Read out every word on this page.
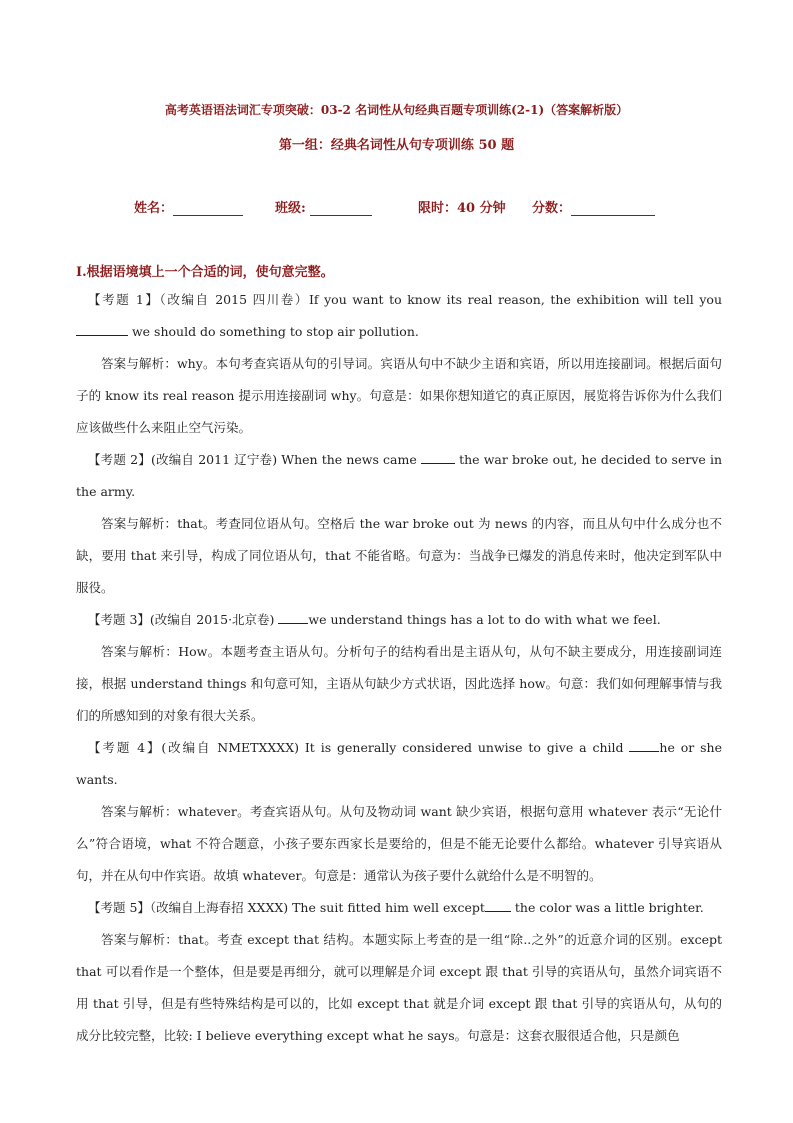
高考英语语法词汇专项突破：03-2 名词性从句经典百题专项训练(2-1)（答案解析版）
第一组：经典名词性从句专项训练 50 题
姓名：	班级:	限时：40 分钟 分数：
I.根据语境填上一个合适的词，使句意完整。

【考题 1】（改编自 2015 四川卷）If you want to know its real reason, the exhibition will tell you  we should do something to stop air pollution.

答案与解析：why。本句考查宾语从句的引导词。宾语从句中不缺少主语和宾语，所以用连接副词。根据后面句子的 know its real reason 提示用连接副词 why。句意是：如果你想知道它的真正原因，展览将告诉你为什么我们应该做些什么来阻止空气污染。

【考题 2】(改编自 2011 辽宁卷) When the news came	the war broke out, he decided to serve in the army.

答案与解析：that。考查同位语从句。空格后 the war broke out 为 news 的内容，而且从句中什么成分也不缺，要用 that 来引导，构成了同位语从句，that 不能省略。句意为：当战争已爆发的消息传来时，他决定到军队中服役。

【考题 3】(改编自 2015·北京卷) we understand things has a lot to do with what we feel.

答案与解析：How。本题考查主语从句。分析句子的结构看出是主语从句，从句不缺主要成分，用连接副词连接，根据 understand things 和句意可知，主语从句缺少方式状语，因此选择 how。句意：我们如何理解事情与我们的所感知到的对象有很大关系。

【考题 4】(改编自 NMETXXXX) It is generally considered unwise to give a child he or she wants.

答案与解析：whatever。考查宾语从句。从句及物动词 want 缺少宾语，根据句意用 whatever 表示“无论什么”符合语境，what 不符合题意，小孩子要东西家长是要给的，但是不能无论要什么都给。whatever 引导宾语从句，并在从句中作宾语。故填 whatever。句意是：通常认为孩子要什么就给什么是不明智的。

【考题 5】（改编自上海春招 XXXX) The suit fitted him well except the color was a little brighter.

答案与解析：that。考查 except that 结构。本题实际上考查的是一组“除..之外”的近意介词的区别。except that 可以看作是一个整体，但是要是再细分，就可以理解是介词 except 跟 that 引导的宾语从句，虽然介词宾语不用 that 引导，但是有些特殊结构是可以的，比如 except that 就是介词 except 跟 that 引导的宾语从句，从句的成分比较完整，比较: I believe everything except what he says。句意是：这套衣服很适合他，只是颜色
